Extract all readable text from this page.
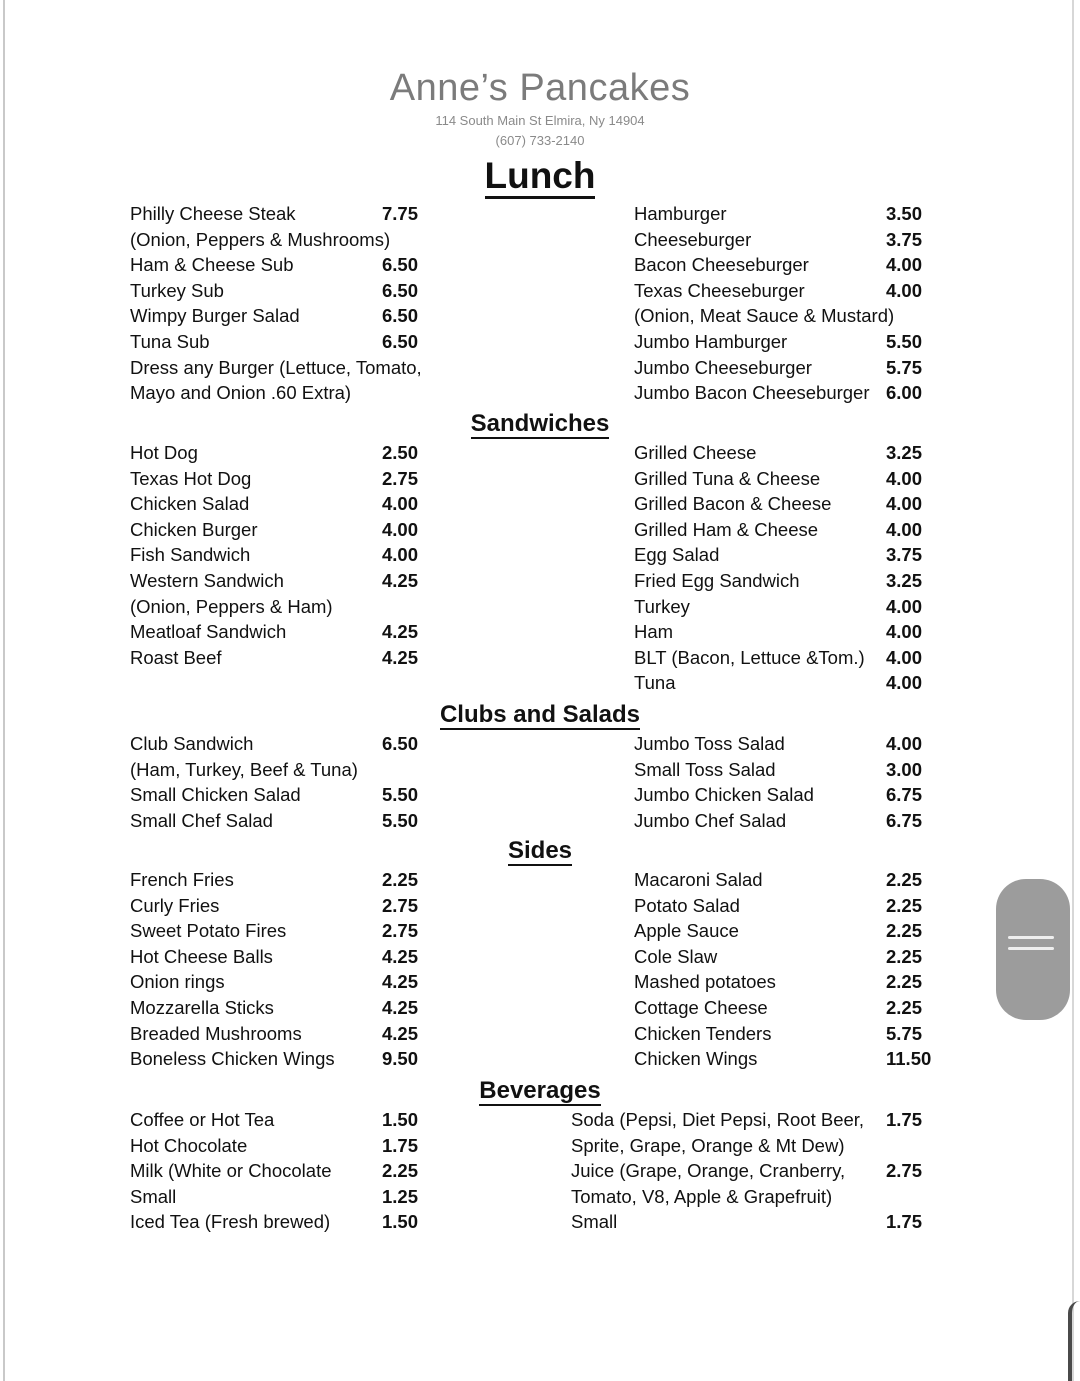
Anne’s Pancakes
114 South Main St Elmira, Ny 14904
(607) 733-2140
Lunch
Sandwiches
Clubs and Salads
Sides
Beverages
Philly Cheese Steak	7.75
(Onion, Peppers & Mushrooms)
Ham & Cheese Sub	6.50
Turkey Sub	6.50
Wimpy Burger Salad	6.50
Tuna Sub	6.50
Dress any Burger (Lettuce, Tomato,
Mayo and Onion .60 Extra)
Hamburger	3.50
Cheeseburger	3.75
Bacon Cheeseburger	4.00
Texas Cheeseburger	4.00
(Onion, Meat Sauce & Mustard)
Jumbo Hamburger	5.50
Jumbo Cheeseburger	5.75
Jumbo Bacon Cheeseburger 6.00
Hot Dog	2.50
Texas Hot Dog	2.75
Chicken Salad	4.00
Chicken Burger	4.00
Fish Sandwich	4.00
Western Sandwich	4.25
(Onion, Peppers & Ham)
Meatloaf Sandwich	4.25
Roast Beef	4.25
Grilled Cheese	3.25
Grilled Tuna & Cheese	4.00
Grilled Bacon & Cheese	4.00
Grilled Ham & Cheese	4.00
Egg Salad	3.75
Fried Egg Sandwich	3.25
Turkey	4.00
Ham	4.00
BLT (Bacon, Lettuce &Tom.) 4.00
Tuna	4.00
Club Sandwich	6.50
(Ham, Turkey, Beef & Tuna)
Small Chicken Salad	5.50
Small Chef Salad	5.50
Jumbo Toss Salad	4.00
Small Toss Salad	3.00
Jumbo Chicken Salad	6.75
Jumbo Chef Salad	6.75
French Fries	2.25
Curly Fries	2.75
Sweet Potato Fires	2.75
Hot Cheese Balls	4.25
Onion rings	4.25
Mozzarella Sticks	4.25
Breaded Mushrooms	4.25
Boneless Chicken Wings	9.50
Macaroni Salad	2.25
Potato Salad	2.25
Apple Sauce	2.25
Cole Slaw	2.25
Mashed potatoes	2.25
Cottage Cheese	2.25
Chicken Tenders	5.75
Chicken Wings	11.50
Coffee or Hot Tea	1.50
Hot Chocolate	1.75
Milk (White or Chocolate	2.25
Small	1.25
Iced Tea (Fresh brewed)	1.50
Soda (Pepsi, Diet Pepsi, Root Beer, 1.75
Sprite, Grape, Orange & Mt Dew)
Juice (Grape, Orange, Cranberry, 2.75
Tomato, V8, Apple & Grapefruit)
Small	1.75
